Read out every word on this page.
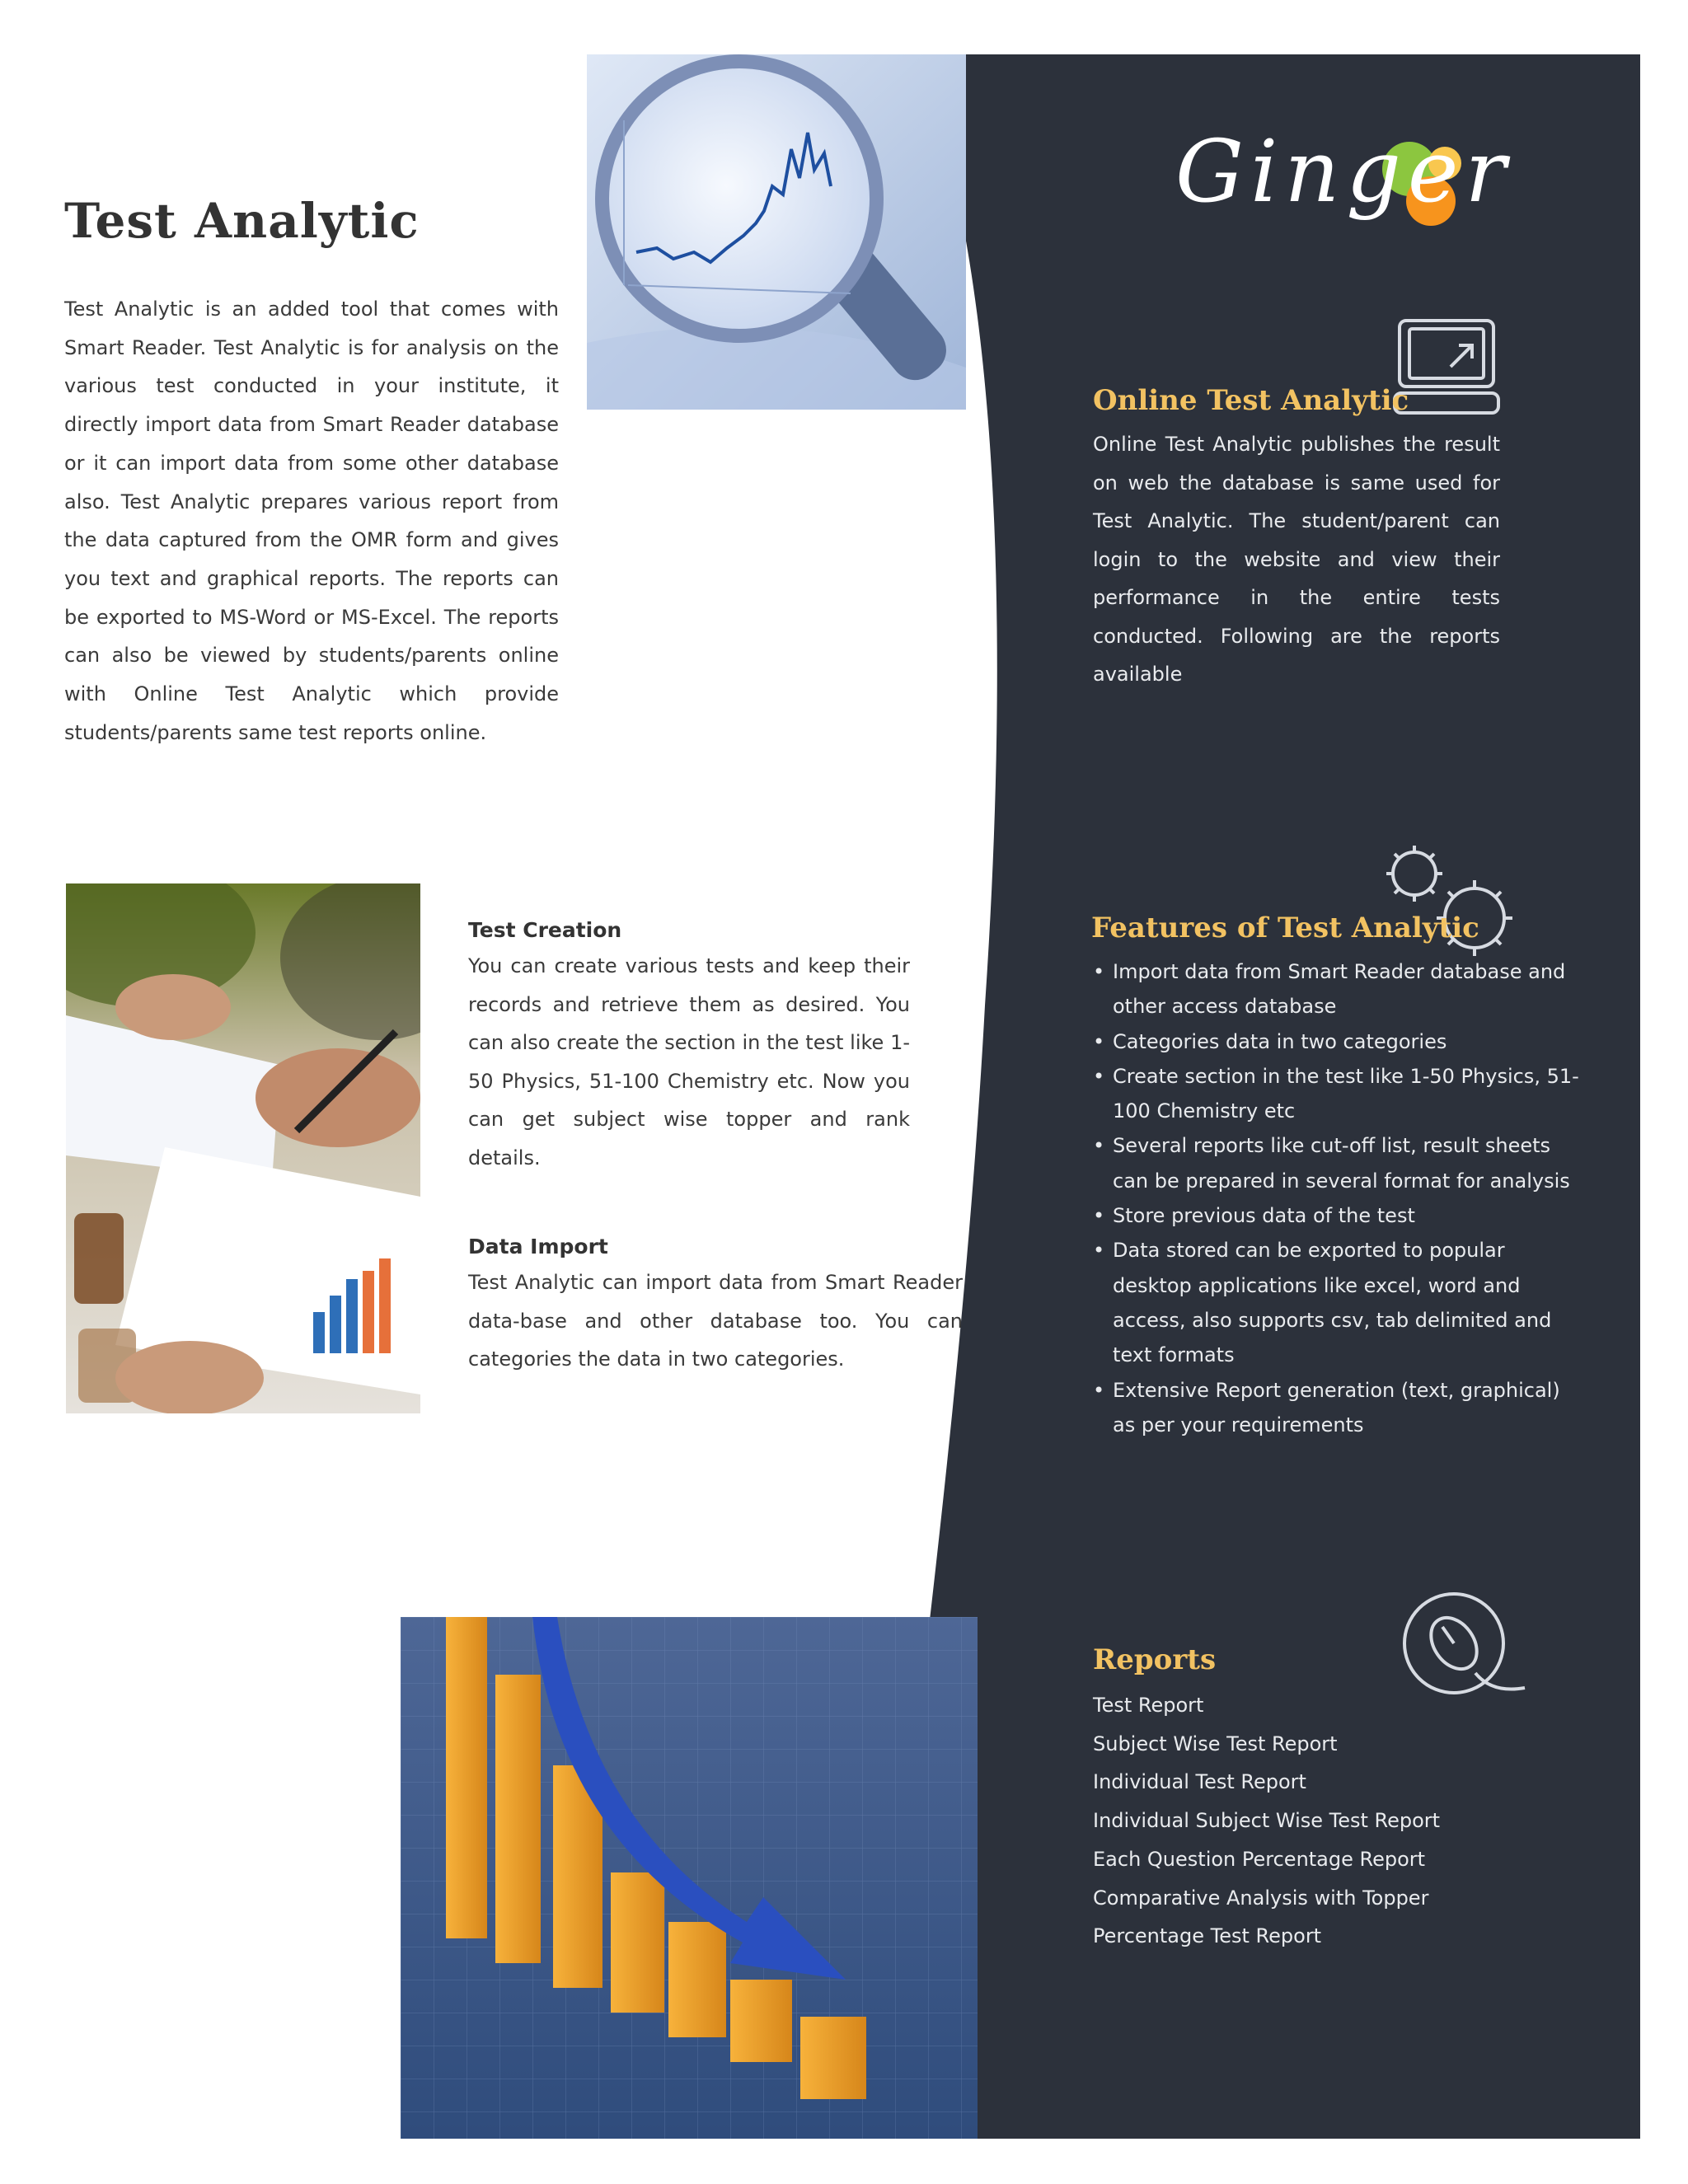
Test Analytic

Test Analytic is an added tool that comes with Smart Reader. Test Analytic is for analysis on the various test conducted in your institute, it directly import data from Smart Reader database or it can import data from some other database also. Test Analytic prepares various report from the data captured from the OMR form and gives you text and graphical reports. The reports can be exported to MS-Word or MS-Excel. The reports can also be viewed by students/parents online with Online Test Analytic which provide students/parents same test reports online.

Test Creation

You can create various tests and keep their records and retrieve them as desired. You can also create the section in the test like 1-50 Physics, 51-100 Chemistry etc. Now you can get subject wise topper and rank details.

Data Import

Test Analytic can import data from Smart Reader data-base and other database too. You can categories the data in two categories.

Ginger
Online Test Analytic

Online Test Analytic publishes the result on web the database is same used for Test Analytic. The student/parent can login to the website and view their performance in the entire tests conducted. Following are the reports available

Features of Test Analytic
• Import data from Smart Reader database and other access database
• Categories data in two categories
• Create section in the test like 1-50 Physics, 51-100 Chemistry etc
• Several reports like cut-off list, result sheets can be prepared in several format for analysis
• Store previous data of the test
• Data stored can be exported to popular desktop applications like excel, word and access, also supports csv, tab delimited and text formats
• Extensive Report generation (text, graphical) as per your requirements
Reports
Test Report
Subject Wise Test Report
Individual Test Report
Individual Subject Wise Test Report
Each Question Percentage Report
Comparative Analysis with Topper
Percentage Test Report
